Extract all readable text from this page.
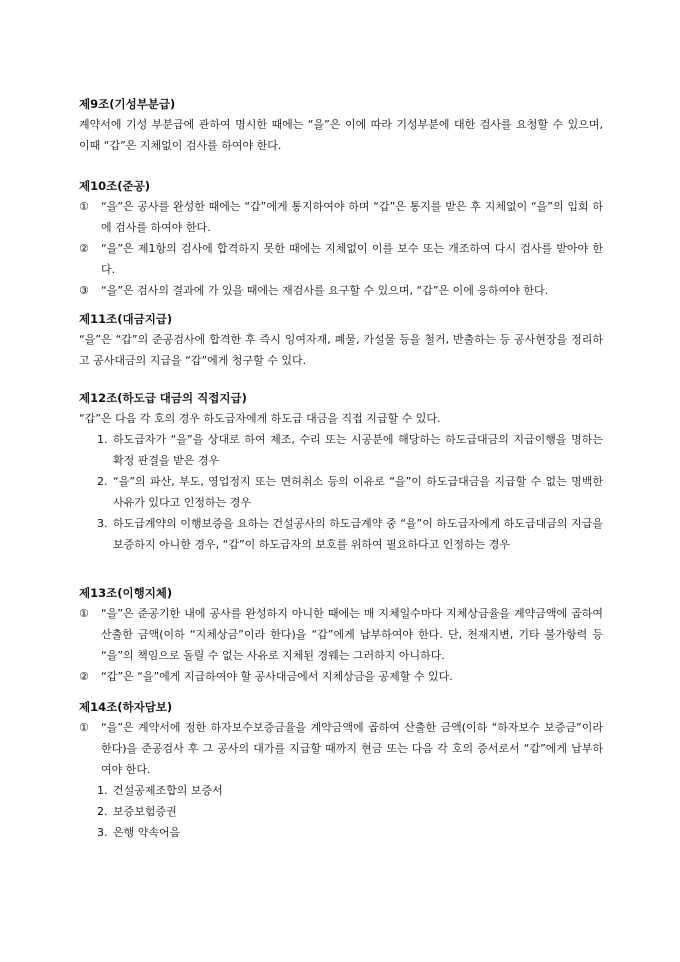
제9조(기성부분급)
계약서에 기성 부분급에 관하여 명시한 때에는 “을”은 이에 따라 기성부분에 대한 검사를 요청할 수 있으며, 이때 “갑”은 지체없이 검사를 하여야 한다.
제10조(준공)
① “을”은 공사를 완성한 때에는 “갑”에게 통지하여야 하며 “갑”은 통지를 받은 후 지체없이 “을”의 입회 하에 검사를 하여야 한다.
② “을”은 제1항의 검사에 합격하지 못한 때에는 지체없이 이를 보수 또는 개조하여 다시 검사를 받아야 한다.
③ “을”은 검사의 결과에 가 있을 때에는 재검사를 요구할 수 있으며, “갑”은 이에 응하여야 한다.
제11조(대금지급)
“을”은 “갑”의 준공검사에 합격한 후 즉시 잉여자재, 폐물, 가설물 등을 철거, 반출하는 등 공사현장을 정리하고 공사대금의 지급을 “갑”에게 청구할 수 있다.
제12조(하도급 대금의 직접지급)
“갑”은 다음 각 호의 경우 하도급자에게 하도급 대금을 직접 지급할 수 있다.
1. 하도급자가 “을”을 상대로 하여 제조, 수리 또는 시공분에 해당하는 하도급대금의 지급이행을 명하는 확정 판결을 받은 경우
2. “을”의 파산, 부도, 영업정지 또는 면허취소 등의 이유로 “을”이 하도급대금을 지급할 수 없는 명백한 사유가 있다고 인정하는 경우
3. 하도급계약의 이행보증을 요하는 건설공사의 하도급계약 중 “을”이 하도급자에게 하도급대금의 지급을 보증하지 아니한 경우, “갑”이 하도급자의 보호를 위하여 필요하다고 인정하는 경우
제13조(이행지체)
① “을”은 준공기한 내에 공사를 완성하지 아니한 때에는 매 지체일수마다 지체상금율을 계약금액에 곱하여 산출한 금액(이하 “지체상금”이라 한다)을 “갑”에게 납부하여야 한다. 단, 천재지변, 기타 불가항력 등 “을”의 책임으로 돌릴 수 없는 사유로 지체된 경웨는 그러하지 아니하다.
② “갑”은 “을”에게 지급하여야 할 공사대금에서 지체상금을 공제할 수 있다.
제14조(하자담보)
① “을”은 계약서에 정한 하자보수보증금율을 계약금액에 곱하여 산출한 금액(이하 “하자보수 보증금”이라 한다)을 준공검사 후 그 공사의 대가를 지급할 때까지 현금 또는 다음 각 호의 증서로서 “갑”에게 납부하여야 한다.
1. 건설공제조합의 보증서
2. 보증보험증권
3. 은행 약속어음
